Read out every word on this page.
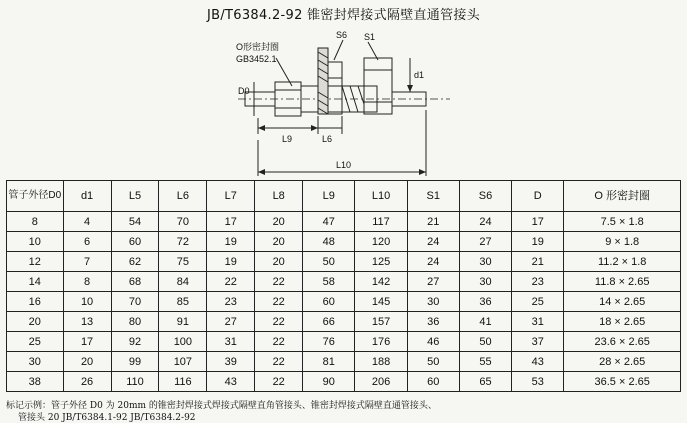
JB/T6384.2-92 锥密封焊接式隔壁直通管接头
O形密封圈
GB3452.1
S6 S1
d1
D0
L9	L6
L10
管子外径D0	d1	L5	L6	L7	L8	L9	L10	S1	S6	D	O 形密封圈
8	4	54	70	17	20	47	117	21	24	17	7.5 × 1.8
10	6	60	72	19	20	48	120	24	27	19	9 × 1.8
12	7	62	75	19	20	50	125	24	30	21	11.2 × 1.8
14	8	68	84	22	22	58	142	27	30	23	11.8 × 2.65
16	10	70	85	23	22	60	145	30	36	25	14 × 2.65
20	13	80	91	27	22	66	157	36	41	31	18 × 2.65
25	17	92	100	31	22	76	176	46	50	37	23.6 × 2.65
30	20	99	107	39	22	81	188	50	55	43	28 × 2.65
38	26	110	116	43	22	90	206	60	65	53	36.5 × 2.65
标记示例：管子外径 D0 为 20mm 的锥密封焊接式焊接式隔壁直角管接头、锥密封焊接式隔壁直通管接头、
管接头 20 JB/T6384.1-92 JB/T6384.2-92
